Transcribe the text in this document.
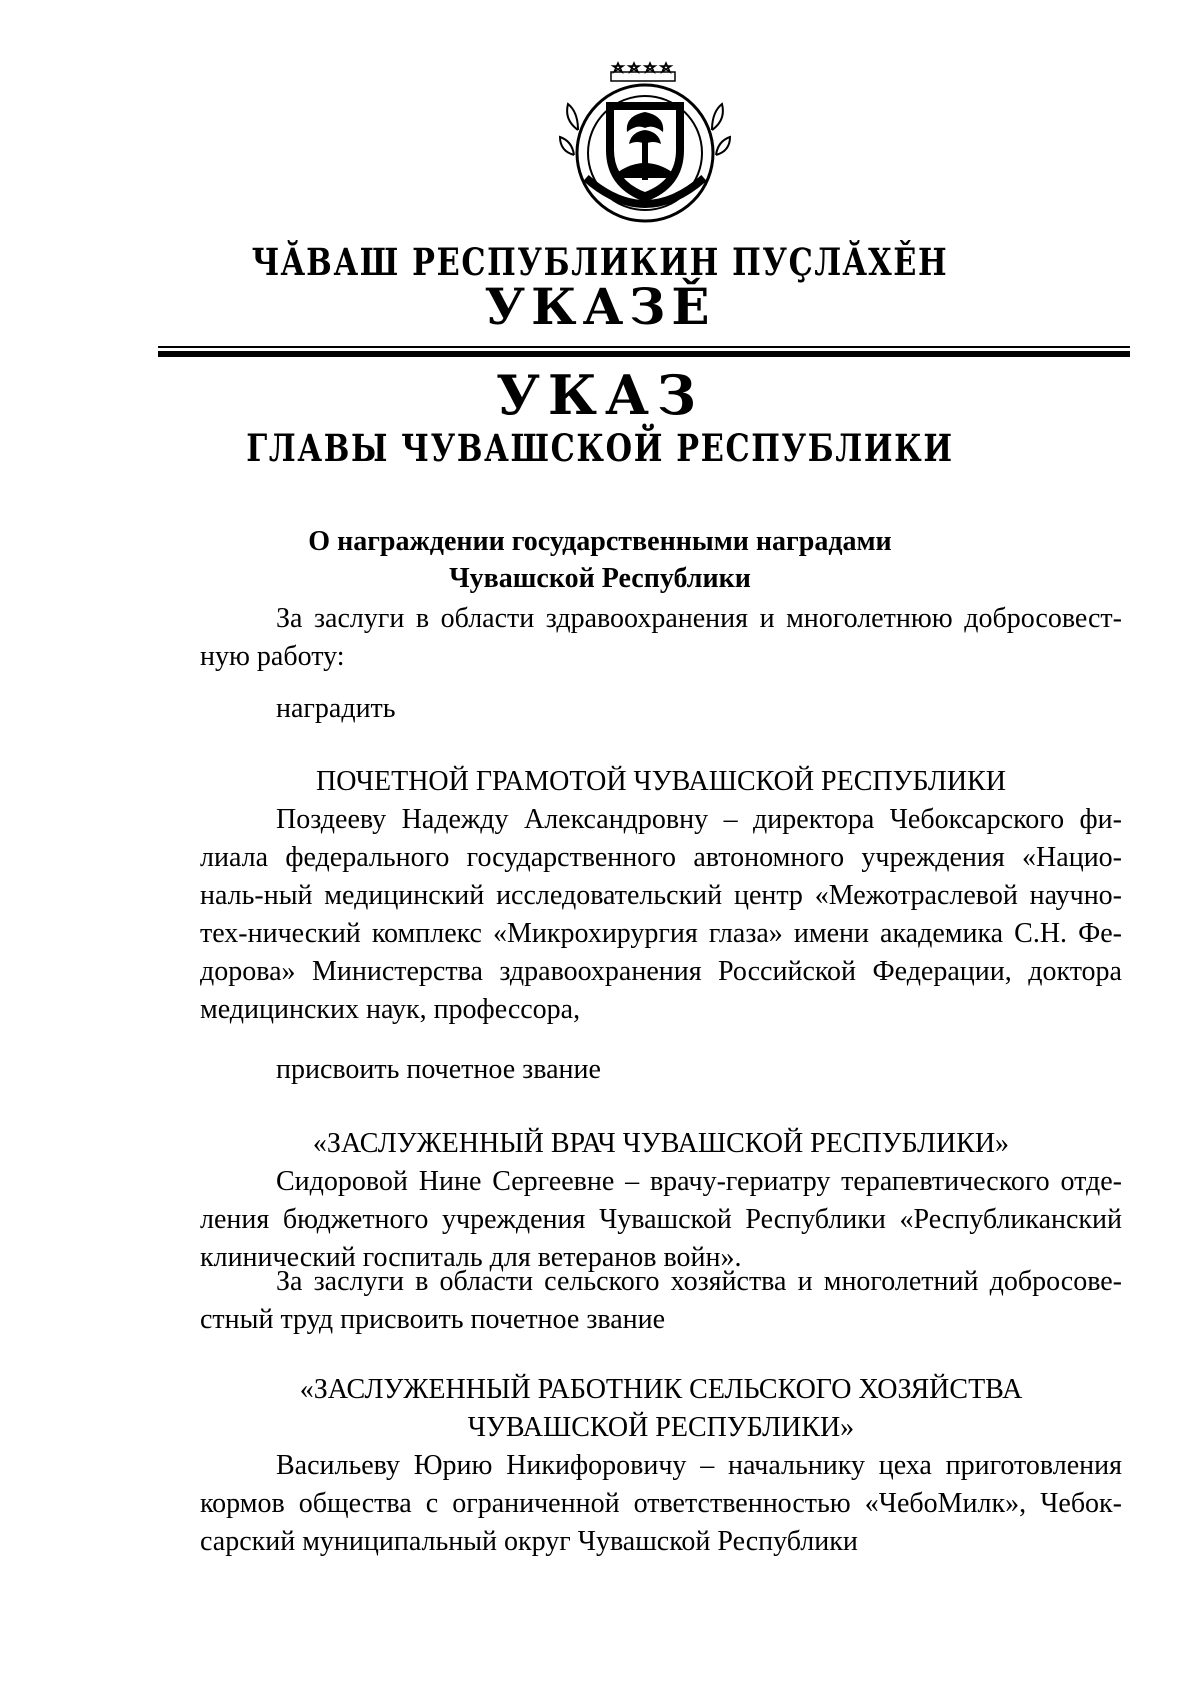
ЧĂВАШ РЕСПУБЛИКИН ПУÇЛĂХĚН
УКАЗĚ
УКАЗ
ГЛАВЫ ЧУВАШСКОЙ РЕСПУБЛИКИ
О награждении государственными наградами
Чувашской Республики
За заслуги в области здравоохранения и многолетнюю добросовест-
ную работу:
наградить
ПОЧЕТНОЙ ГРАМОТОЙ ЧУВАШСКОЙ РЕСПУБЛИКИ
Поздееву Надежду Александровну – директора Чебоксарского фи-
лиала федерального государственного автономного учреждения «Нацио-
наль-ный медицинский исследовательский центр «Межотраслевой научно-
тех-нический комплекс «Микрохирургия глаза» имени академика С.Н. Фе-
дорова» Министерства здравоохранения Российской Федерации, доктора
медицинских наук, профессора,
присвоить почетное звание
«ЗАСЛУЖЕННЫЙ ВРАЧ ЧУВАШСКОЙ РЕСПУБЛИКИ»
Сидоровой Нине Сергеевне – врачу-гериатру терапевтического отде-
ления бюджетного учреждения Чувашской Республики «Республиканский
клинический госпиталь для ветеранов войн».
За заслуги в области сельского хозяйства и многолетний добросове-
стный труд присвоить почетное звание
«ЗАСЛУЖЕННЫЙ РАБОТНИК СЕЛЬСКОГО ХОЗЯЙСТВА
ЧУВАШСКОЙ РЕСПУБЛИКИ»
Васильеву Юрию Никифоровичу – начальнику цеха приготовления
кормов общества с ограниченной ответственностью «ЧебоМилк», Чебок-
сарский муниципальный округ Чувашской Республики
